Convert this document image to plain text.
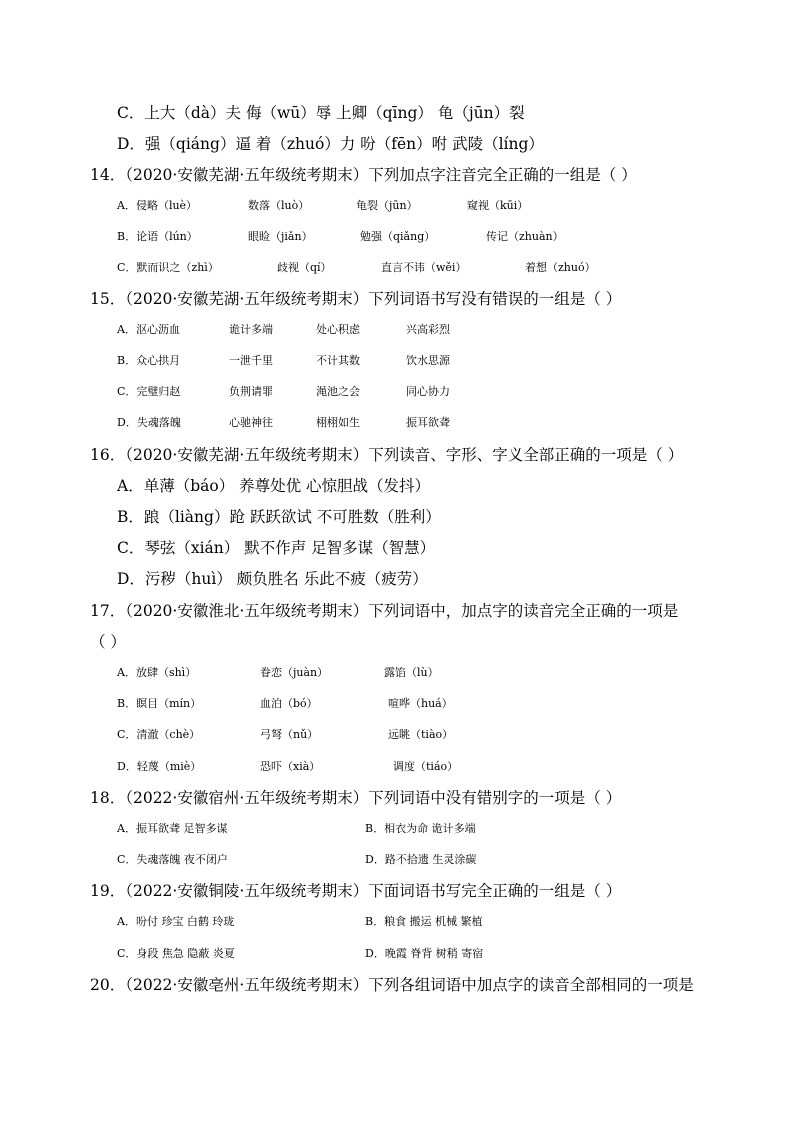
C．上大（dà）夫 侮（wū）辱 上卿（qīng） 龟（jūn）裂
D．强（qiáng）逼 着（zhuó）力 吩（fēn）咐 武陵（líng）
14．（2020·安徽芜湖·五年级统考期末）下列加点字注音完全正确的一组是（ ）
A．侵略（luè）	数落（luò）	龟裂（jūn）	窥视（kūi）
B．论语（lún）	眼睑（jiǎn）	勉强（qiǎng）	传记（zhuàn）
C．默而识之（zhì）	歧视（qí）	直言不讳（wěi）	着想（zhuó）
15．（2020·安徽芜湖·五年级统考期末）下列词语书写没有错误的一组是（ ）
A．沤心沥血	诡计多端	处心积虑	兴高彩烈
B．众心拱月	一泄千里	不计其数	饮水思源
C．完璧归赵	负荆请罪	渑池之会	同心协力
D．失魂落魄	心驰神往	栩栩如生	振耳欲聋
16．（2020·安徽芜湖·五年级统考期末）下列读音、字形、字义全部正确的一项是（ ）
A．单薄（báo） 养尊处优 心惊胆战（发抖）
B．踉（liàng）跄 跃跃欲试 不可胜数（胜利）
C．琴弦（xián） 默不作声 足智多谋（智慧）
D．污秽（huì） 颇负胜名 乐此不疲（疲劳）
17．（2020·安徽淮北·五年级统考期末）下列词语中，加点字的读音完全正确的一项是
（ ）
A．放肆（shì）	眷恋（juàn）	露馅（lù）
B．瞑目（mín）	血泊（bó）	喧哗（huá）
C．清澈（chè）	弓弩（nǔ）	远眺（tiào）
D．轻蔑（miè）	恐吓（xià）	调度（tiáo）
18．（2022·安徽宿州·五年级统考期末）下列词语中没有错别字的一项是（ ）
A．振耳欲聋 足智多谋	B．相衣为命 诡计多端
C．失魂落魄 夜不闭户	D．路不拾遗 生灵涂碳
19．（2022·安徽铜陵·五年级统考期末）下面词语书写完全正确的一组是（ ）
A．吩付 珍宝 白鹤 玲珑	B．粮食 搬运 机械 繁植
C．身段 焦急 隐蔽 炎夏	D．晚霞 脊背 树稍 寄宿
20．（2022·安徽亳州·五年级统考期末）下列各组词语中加点字的读音全部相同的一项是
